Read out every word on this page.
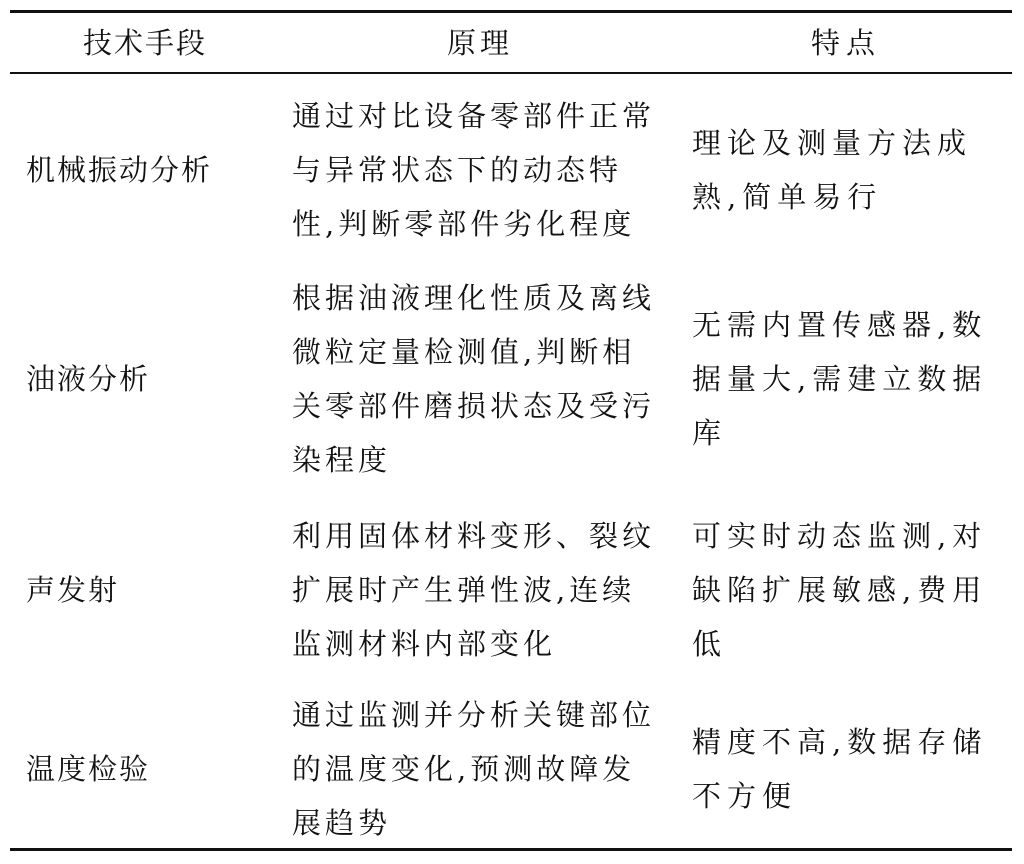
技术手段	原理	特点
机械振动分析
通过对比设备零部件正常与异常状态下的动态特性,判断零部件劣化程度
理论及测量方法成熟,简单易行
油液分析
根据油液理化性质及离线微粒定量检测值,判断相关零部件磨损状态及受污染程度
无需内置传感器,数据量大,需建立数据库
声发射
利用固体材料变形、裂纹扩展时产生弹性波,连续监测材料内部变化
可实时动态监测,对缺陷扩展敏感,费用低
温度检验
通过监测并分析关键部位的温度变化,预测故障发展趋势
精度不高,数据存储不方便
